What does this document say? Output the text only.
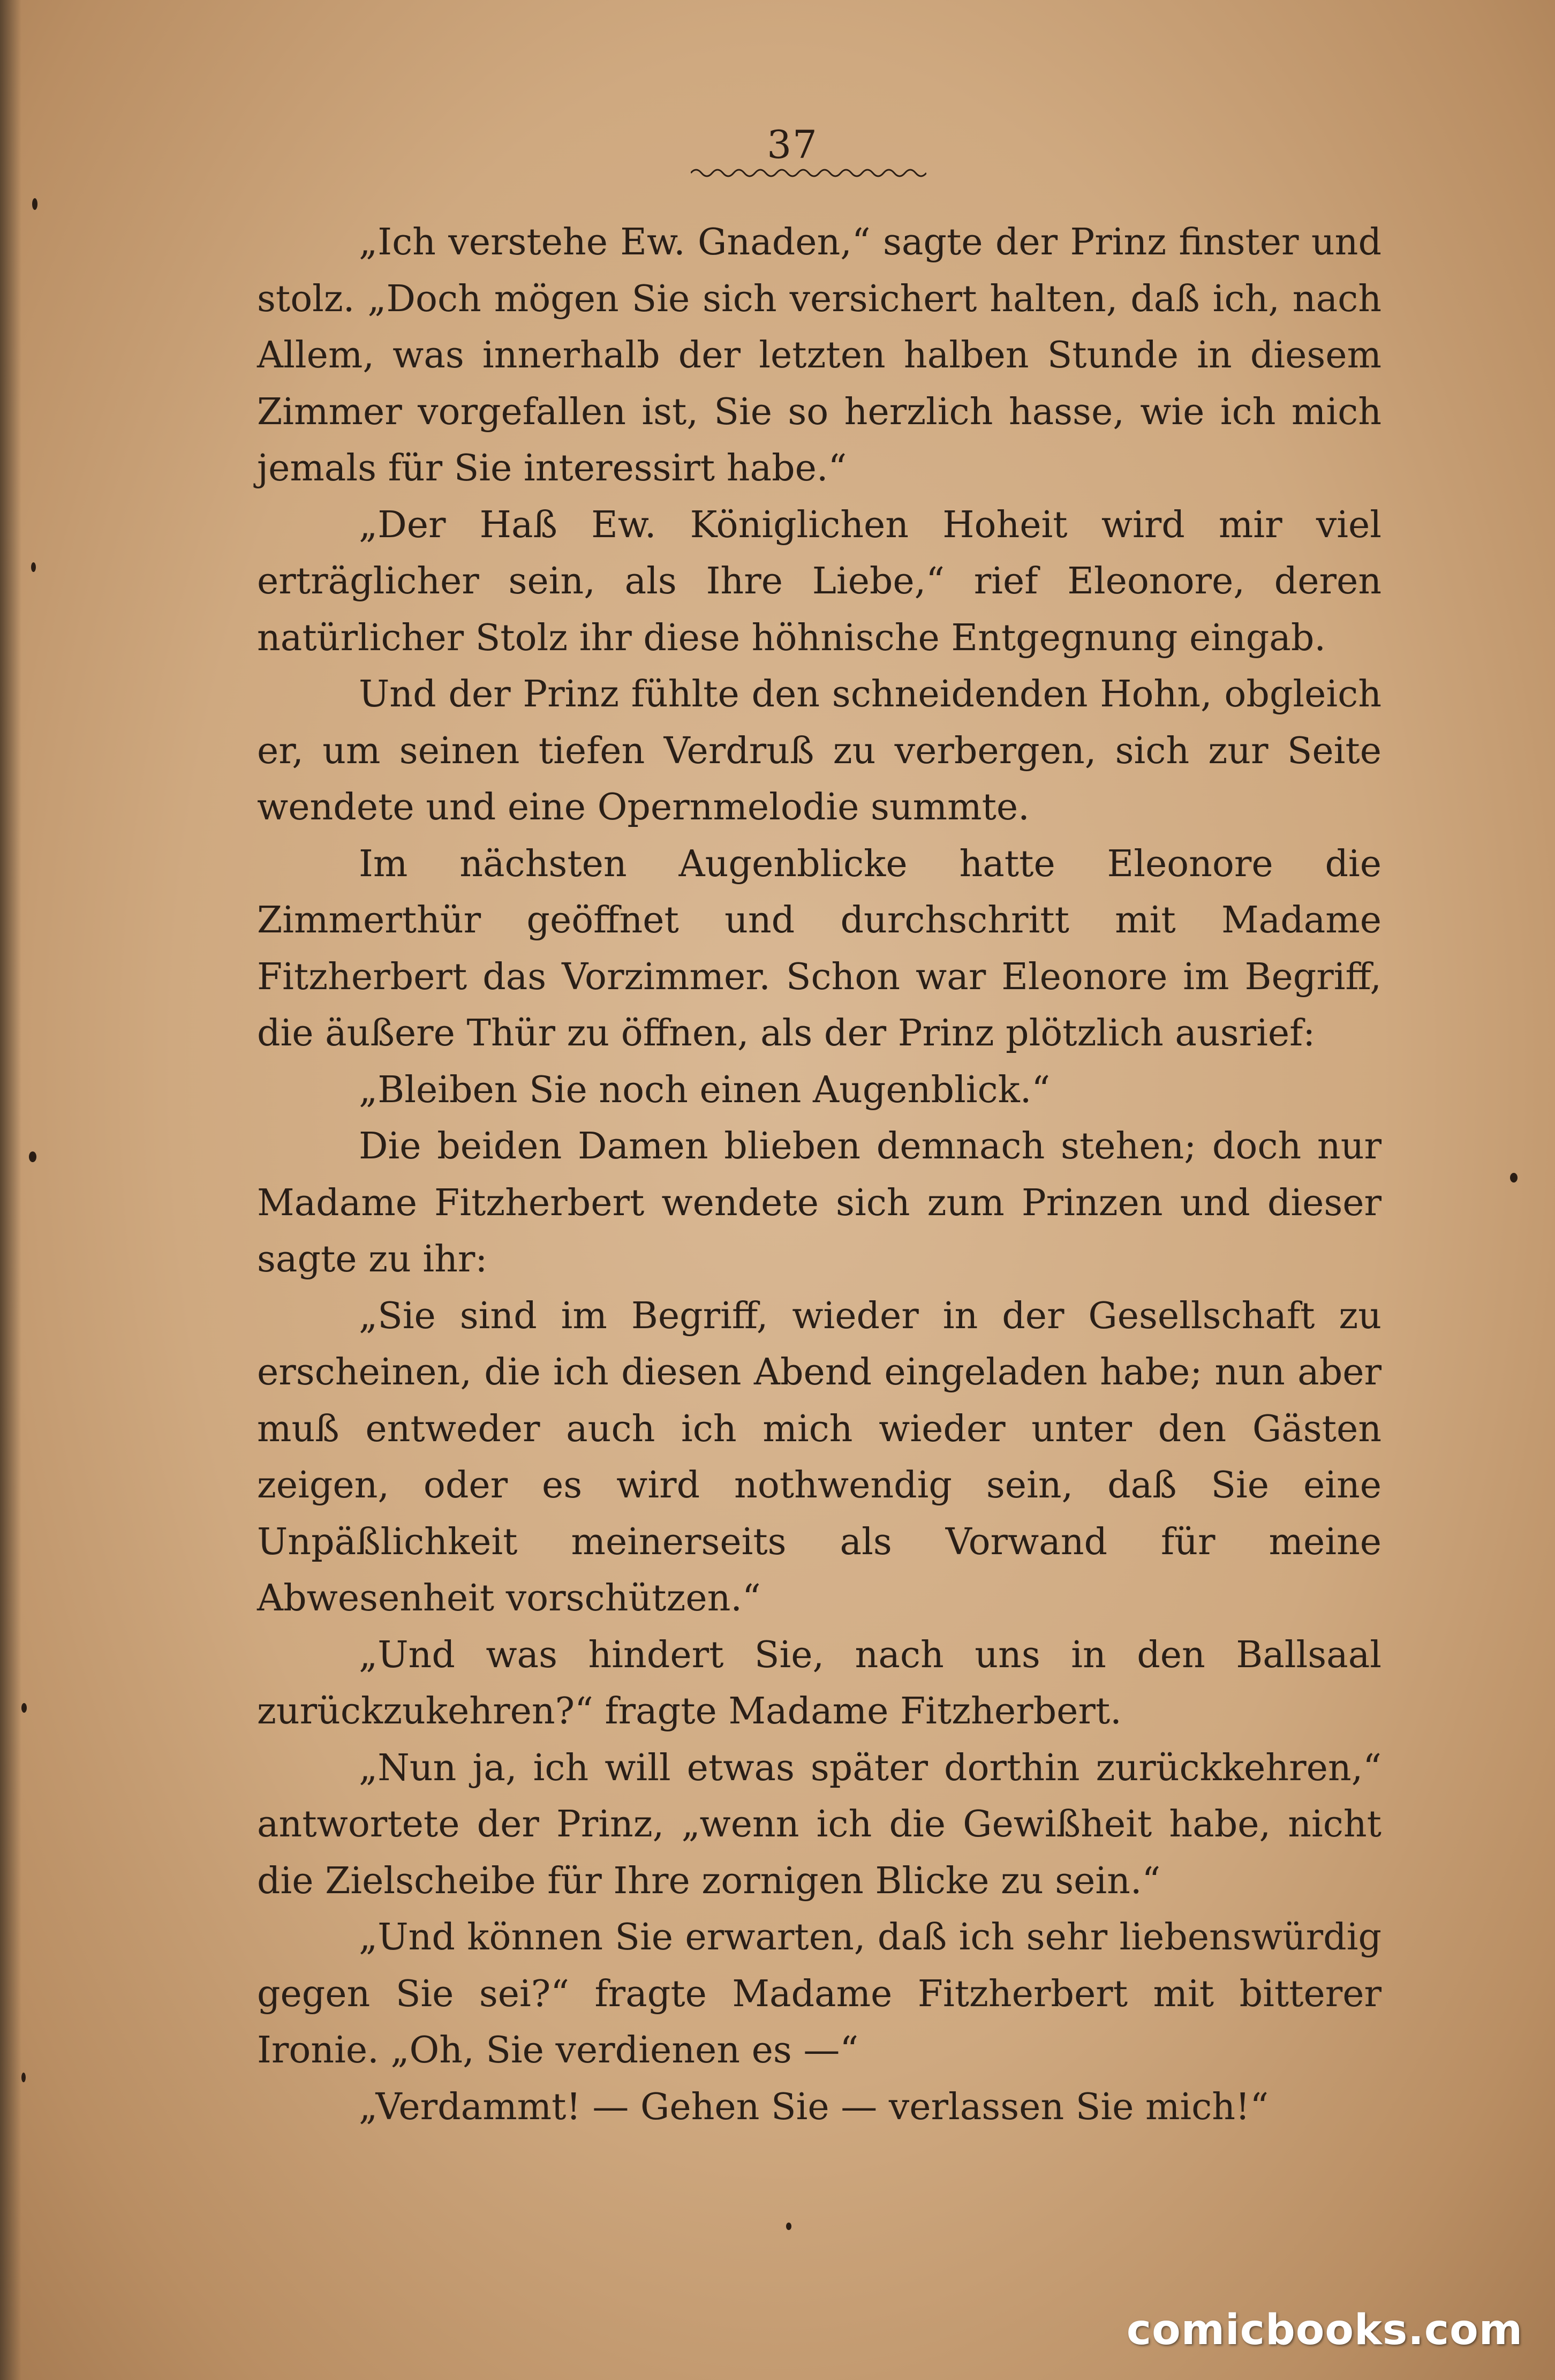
37

„Ich verstehe Ew. Gnaden,“ sagte der Prinz finster und stolz. „Doch mögen Sie sich versichert halten, daß ich, nach Allem, was innerhalb der letzten halben Stunde in diesem Zimmer vorgefallen ist, Sie so herzlich hasse, wie ich mich jemals für Sie interessirt habe.“

„Der Haß Ew. Königlichen Hoheit wird mir viel erträglicher sein, als Ihre Liebe,“ rief Eleonore, deren natürlicher Stolz ihr diese höhnische Entgegnung eingab.

Und der Prinz fühlte den schneidenden Hohn, obgleich er, um seinen tiefen Verdruß zu verbergen, sich zur Seite wendete und eine Opernmelodie summte.

Im nächsten Augenblicke hatte Eleonore die Zimmerthür geöffnet und durchschritt mit Madame Fitzherbert das Vorzimmer. Schon war Eleonore im Begriff, die äußere Thür zu öffnen, als der Prinz plötzlich ausrief:

„Bleiben Sie noch einen Augenblick.“

Die beiden Damen blieben demnach stehen; doch nur Madame Fitzherbert wendete sich zum Prinzen und dieser sagte zu ihr:

„Sie sind im Begriff, wieder in der Gesellschaft zu erscheinen, die ich diesen Abend eingeladen habe; nun aber muß entweder auch ich mich wieder unter den Gästen zeigen, oder es wird nothwendig sein, daß Sie eine Unpäßlichkeit meinerseits als Vorwand für meine Abwesenheit vorschützen.“

„Und was hindert Sie, nach uns in den Ballsaal zurückzukehren?“ fragte Madame Fitzherbert.

„Nun ja, ich will etwas später dorthin zurückkehren,“ antwortete der Prinz, „wenn ich die Gewißheit habe, nicht die Zielscheibe für Ihre zornigen Blicke zu sein.“

„Und können Sie erwarten, daß ich sehr liebenswürdig gegen Sie sei?“ fragte Madame Fitzherbert mit bitterer Ironie. „Oh, Sie verdienen es —“

„Verdammt! — Gehen Sie — verlassen Sie mich!“

comicbooks.com
